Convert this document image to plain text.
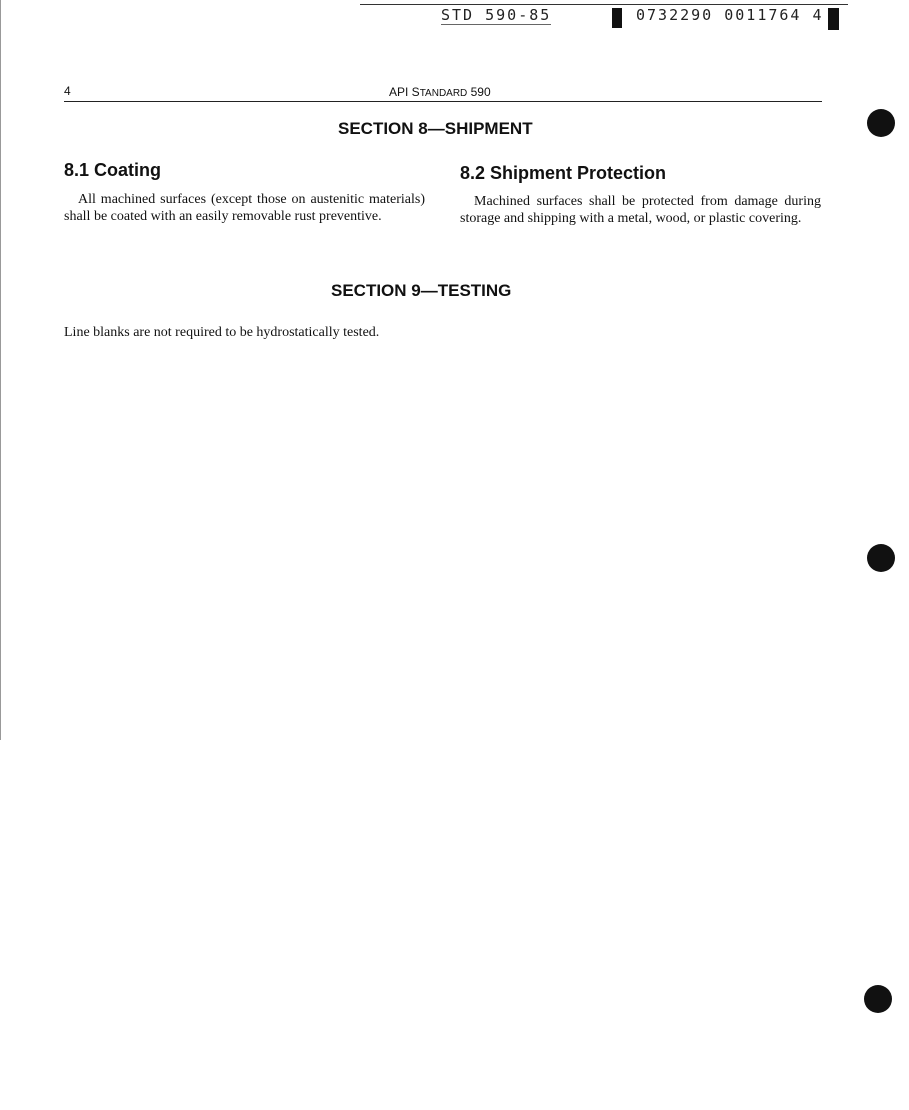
STD 590-85	0732290 0011764 4
4	API STANDARD 590
SECTION 8—SHIPMENT
8.1 Coating
All machined surfaces (except those on austenitic materials) shall be coated with an easily removable rust preventive.
8.2 Shipment Protection
Machined surfaces shall be protected from damage during storage and shipping with a metal, wood, or plastic covering.
SECTION 9—TESTING
Line blanks are not required to be hydrostatically tested.
